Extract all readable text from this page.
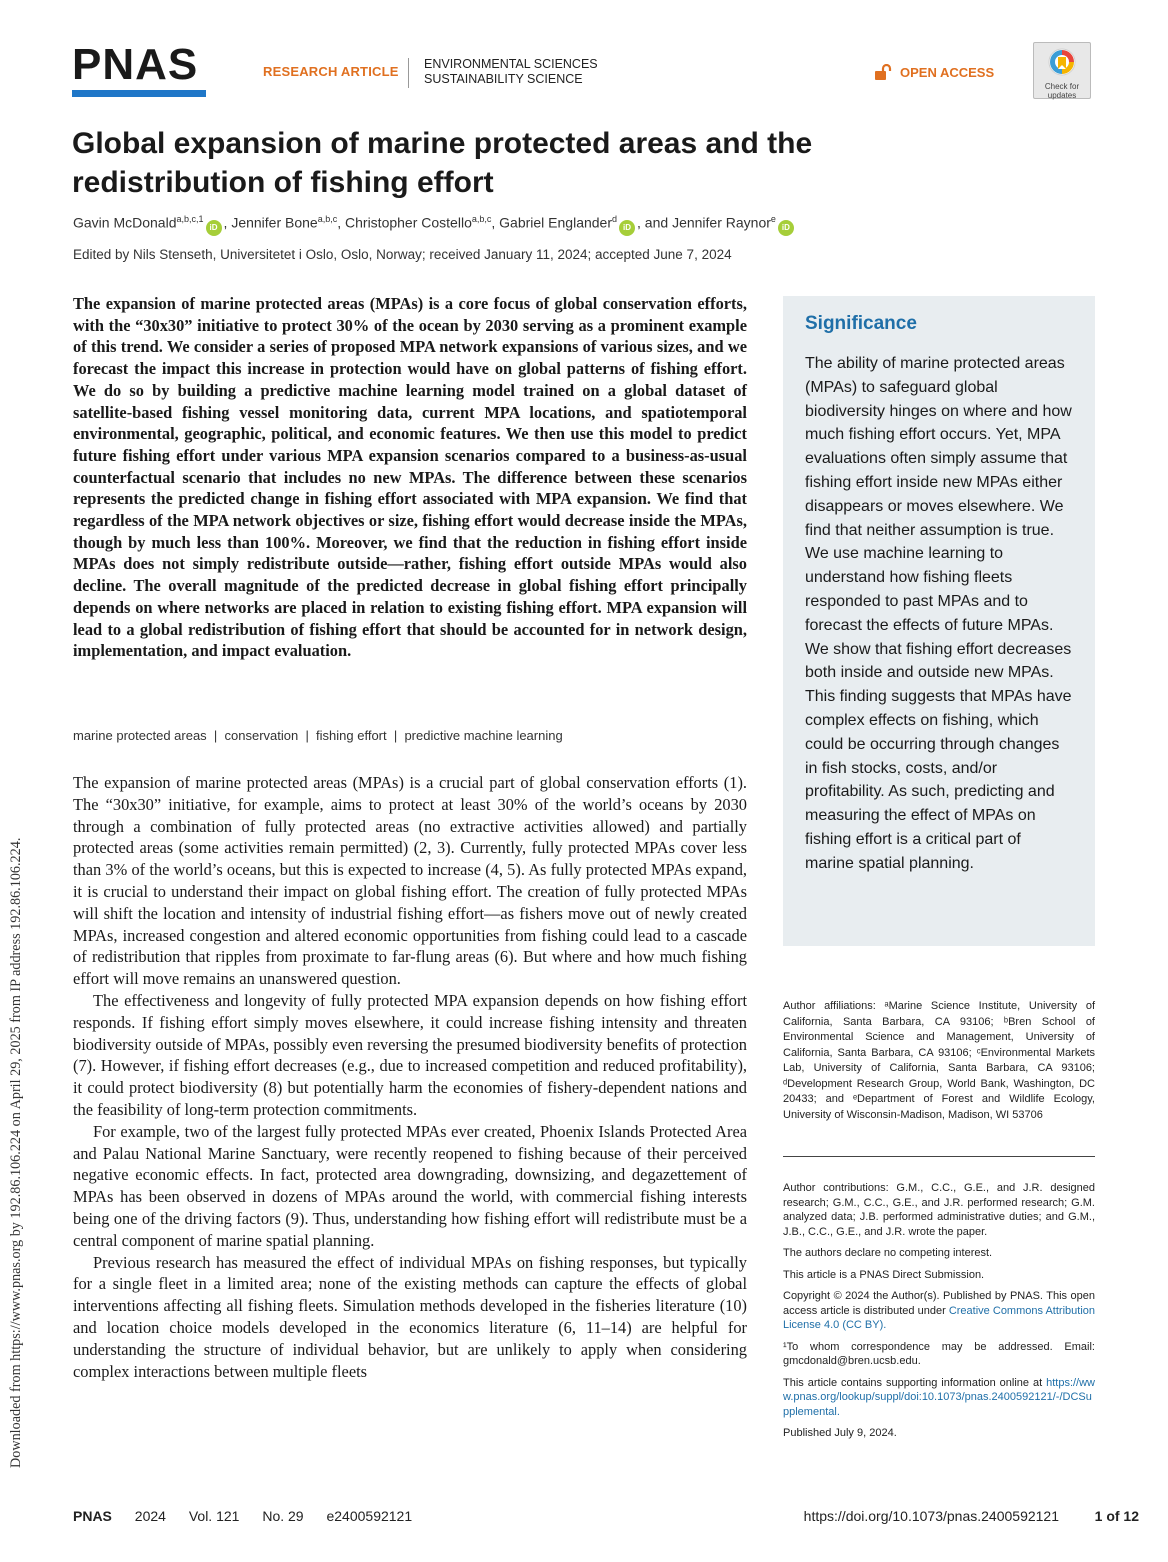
PNAS	RESEARCH ARTICLE ENVIRONMENTAL SCIENCES
SUSTAINABILITY SCIENCE	OPEN ACCESS
Check for
updates
Global expansion of marine protected areas and the redistribution of fishing effort
Gavin McDonald$^{a,b,c,1}$iD , Jennifer Bone$^{a,b,c}$, Christopher Costello$^{a,b,c}$, Gabriel Englander$^d$iD , and Jennifer Raynor$^e$iD
Edited by Nils Stenseth, Universitetet i Oslo, Oslo, Norway; received January 11, 2024; accepted June 7, 2024
The expansion of marine protected areas (MPAs) is a core focus of global conservation efforts, with the “30x30” initiative to protect 30% of the ocean by 2030 serving as a prominent example of this trend. We consider a series of proposed MPA network expansions of various sizes, and we forecast the impact this increase in protection would have on global patterns of fishing effort. We do so by building a predictive machine learning model trained on a global dataset of satellite-based fishing vessel monitoring data, current MPA locations, and spatiotemporal environmental, geographic, political, and economic features. We then use this model to predict future fishing effort under various MPA expansion scenarios compared to a business-as-usual counterfactual scenario that includes no new MPAs. The difference between these scenarios represents the predicted change in fishing effort associated with MPA expansion. We find that regardless of the MPA network objectives or size, fishing effort would decrease inside the MPAs, though by much less than 100%. Moreover, we find that the reduction in fishing effort inside MPAs does not simply redistribute outside—rather, fishing effort outside MPAs would also decline. The overall magnitude of the predicted decrease in global fishing effort principally depends on where networks are placed in relation to existing fishing effort. MPA expansion will lead to a global redistribution of fishing effort that should be accounted for in network design, implementation, and impact evaluation.
marine protected areas  |  conservation  |  fishing effort  |  predictive machine learning

The expansion of marine protected areas (MPAs) is a crucial part of global conservation efforts (1). The “30x30” initiative, for example, aims to protect at least 30% of the world’s oceans by 2030 through a combination of fully protected areas (no extractive activities allowed) and partially protected areas (some activities remain permitted) (2, 3). Currently, fully protected MPAs cover less than 3% of the world’s oceans, but this is expected to increase (4, 5). As fully protected MPAs expand, it is crucial to understand their impact on global fishing effort. The creation of fully protected MPAs will shift the location and intensity of industrial fishing effort—as fishers move out of newly created MPAs, increased congestion and altered economic opportunities from fishing could lead to a cascade of redistribution that ripples from proximate to far-flung areas (6). But where and how much fishing effort will move remains an unanswered question.

The effectiveness and longevity of fully protected MPA expansion depends on how fishing effort responds. If fishing effort simply moves elsewhere, it could increase fishing intensity and threaten biodiversity outside of MPAs, possibly even reversing the presumed biodiversity benefits of protection (7). However, if fishing effort decreases (e.g., due to increased competition and reduced profitability), it could protect biodiversity (8) but potentially harm the economies of fishery-dependent nations and the feasibility of long-term protection commitments.

For example, two of the largest fully protected MPAs ever created, Phoenix Islands Protected Area and Palau National Marine Sanctuary, were recently reopened to fishing because of their perceived negative economic effects. In fact, protected area downgrading, downsizing, and degazettement of MPAs has been observed in dozens of MPAs around the world, with commercial fishing interests being one of the driving factors (9). Thus, understanding how fishing effort will redistribute must be a central component of marine spatial planning.

Previous research has measured the effect of individual MPAs on fishing responses, but typically for a single fleet in a limited area; none of the existing methods can capture the effects of global interventions affecting all fishing fleets. Simulation methods developed in the fisheries literature (10) and location choice models developed in the economics literature (6, 11–14) are helpful for understanding the structure of individual behavior, but are unlikely to apply when considering complex interactions between multiple fleets

Significance
The ability of marine protected areas (MPAs) to safeguard global biodiversity hinges on where and how much fishing effort occurs. Yet, MPA evaluations often simply assume that fishing effort inside new MPAs either disappears or moves elsewhere. We find that neither assumption is true. We use machine learning to understand how fishing fleets responded to past MPAs and to forecast the effects of future MPAs. We show that fishing effort decreases both inside and outside new MPAs. This finding suggests that MPAs have complex effects on fishing, which could be occurring through changes in fish stocks, costs, and/or profitability. As such, predicting and measuring the effect of MPAs on fishing effort is a critical part of marine spatial planning.
Author affiliations: ᵃMarine Science Institute, University of California, Santa Barbara, CA 93106; ᵇBren School of Environmental Science and Management, University of California, Santa Barbara, CA 93106; ᶜEnvironmental Markets Lab, University of California, Santa Barbara, CA 93106; ᵈDevelopment Research Group, World Bank, Washington, DC 20433; and ᵉDepartment of Forest and Wildlife Ecology, University of Wisconsin-Madison, Madison, WI 53706

Author contributions: G.M., C.C., G.E., and J.R. designed research; G.M., C.C., G.E., and J.R. performed research; G.M. analyzed data; J.B. performed administrative duties; and G.M., J.B., C.C., G.E., and J.R. wrote the paper.

The authors declare no competing interest.

This article is a PNAS Direct Submission.

Copyright © 2024 the Author(s). Published by PNAS. This open access article is distributed under Creative Commons Attribution License 4.0 (CC BY).

¹To whom correspondence may be addressed. Email: gmcdonald@bren.ucsb.edu.

This article contains supporting information online at https://www.pnas.org/lookup/suppl/doi:10.1073/pnas.2400592121/-/DCSupplemental.

Published July 9, 2024.

Downloaded from https://www.pnas.org by 192.86.106.224 on April 29, 2025 from IP address 192.86.106.224.
PNAS 2024 Vol. 121 No. 29 e2400592121	https://doi.org/10.1073/pnas.2400592121	1 of 12
